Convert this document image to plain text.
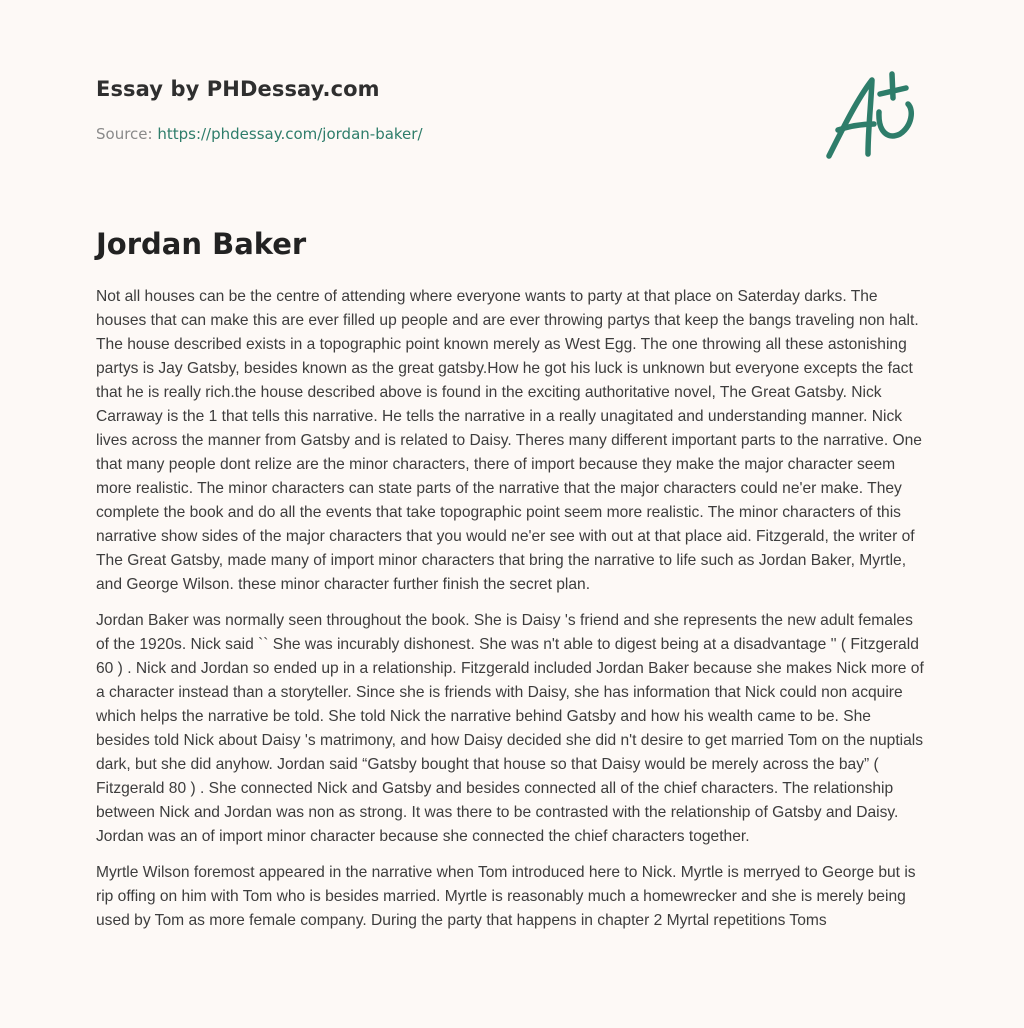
Essay by PHDessay.com
Source: https://phdessay.com/jordan-baker/
Jordan Baker

Not all houses can be the centre of attending where everyone wants to party at that place on Saterday darks. The houses that can make this are ever filled up people and are ever throwing partys that keep the bangs traveling non halt. The house described exists in a topographic point known merely as West Egg. The one throwing all these astonishing partys is Jay Gatsby, besides known as the great gatsby.How he got his luck is unknown but everyone excepts the fact that he is really rich.the house described above is found in the exciting authoritative novel, The Great Gatsby. Nick Carraway is the 1 that tells this narrative. He tells the narrative in a really unagitated and understanding manner. Nick lives across the manner from Gatsby and is related to Daisy. Theres many different important parts to the narrative. One that many people dont relize are the minor characters, there of import because they make the major character seem more realistic. The minor characters can state parts of the narrative that the major characters could ne'er make. They complete the book and do all the events that take topographic point seem more realistic. The minor characters of this narrative show sides of the major characters that you would ne'er see with out at that place aid. Fitzgerald, the writer of The Great Gatsby, made many of import minor characters that bring the narrative to life such as Jordan Baker, Myrtle, and George Wilson. these minor character further finish the secret plan.

Jordan Baker was normally seen throughout the book. She is Daisy 's friend and she represents the new adult females of the 1920s. Nick said `` She was incurably dishonest. She was n't able to digest being at a disadvantage '' ( Fitzgerald 60 ) . Nick and Jordan so ended up in a relationship. Fitzgerald included Jordan Baker because she makes Nick more of a character instead than a storyteller. Since she is friends with Daisy, she has information that Nick could non acquire which helps the narrative be told. She told Nick the narrative behind Gatsby and how his wealth came to be. She besides told Nick about Daisy 's matrimony, and how Daisy decided she did n't desire to get married Tom on the nuptials dark, but she did anyhow. Jordan said “Gatsby bought that house so that Daisy would be merely across the bay” ( Fitzgerald 80 ) . She connected Nick and Gatsby and besides connected all of the chief characters. The relationship between Nick and Jordan was non as strong. It was there to be contrasted with the relationship of Gatsby and Daisy. Jordan was an of import minor character because she connected the chief characters together.

Myrtle Wilson foremost appeared in the narrative when Tom introduced here to Nick. Myrtle is merryed to George but is rip offing on him with Tom who is besides married. Myrtle is reasonably much a homewrecker and she is merely being used by Tom as more female company. During the party that happens in chapter 2 Myrtal repetitions Toms
